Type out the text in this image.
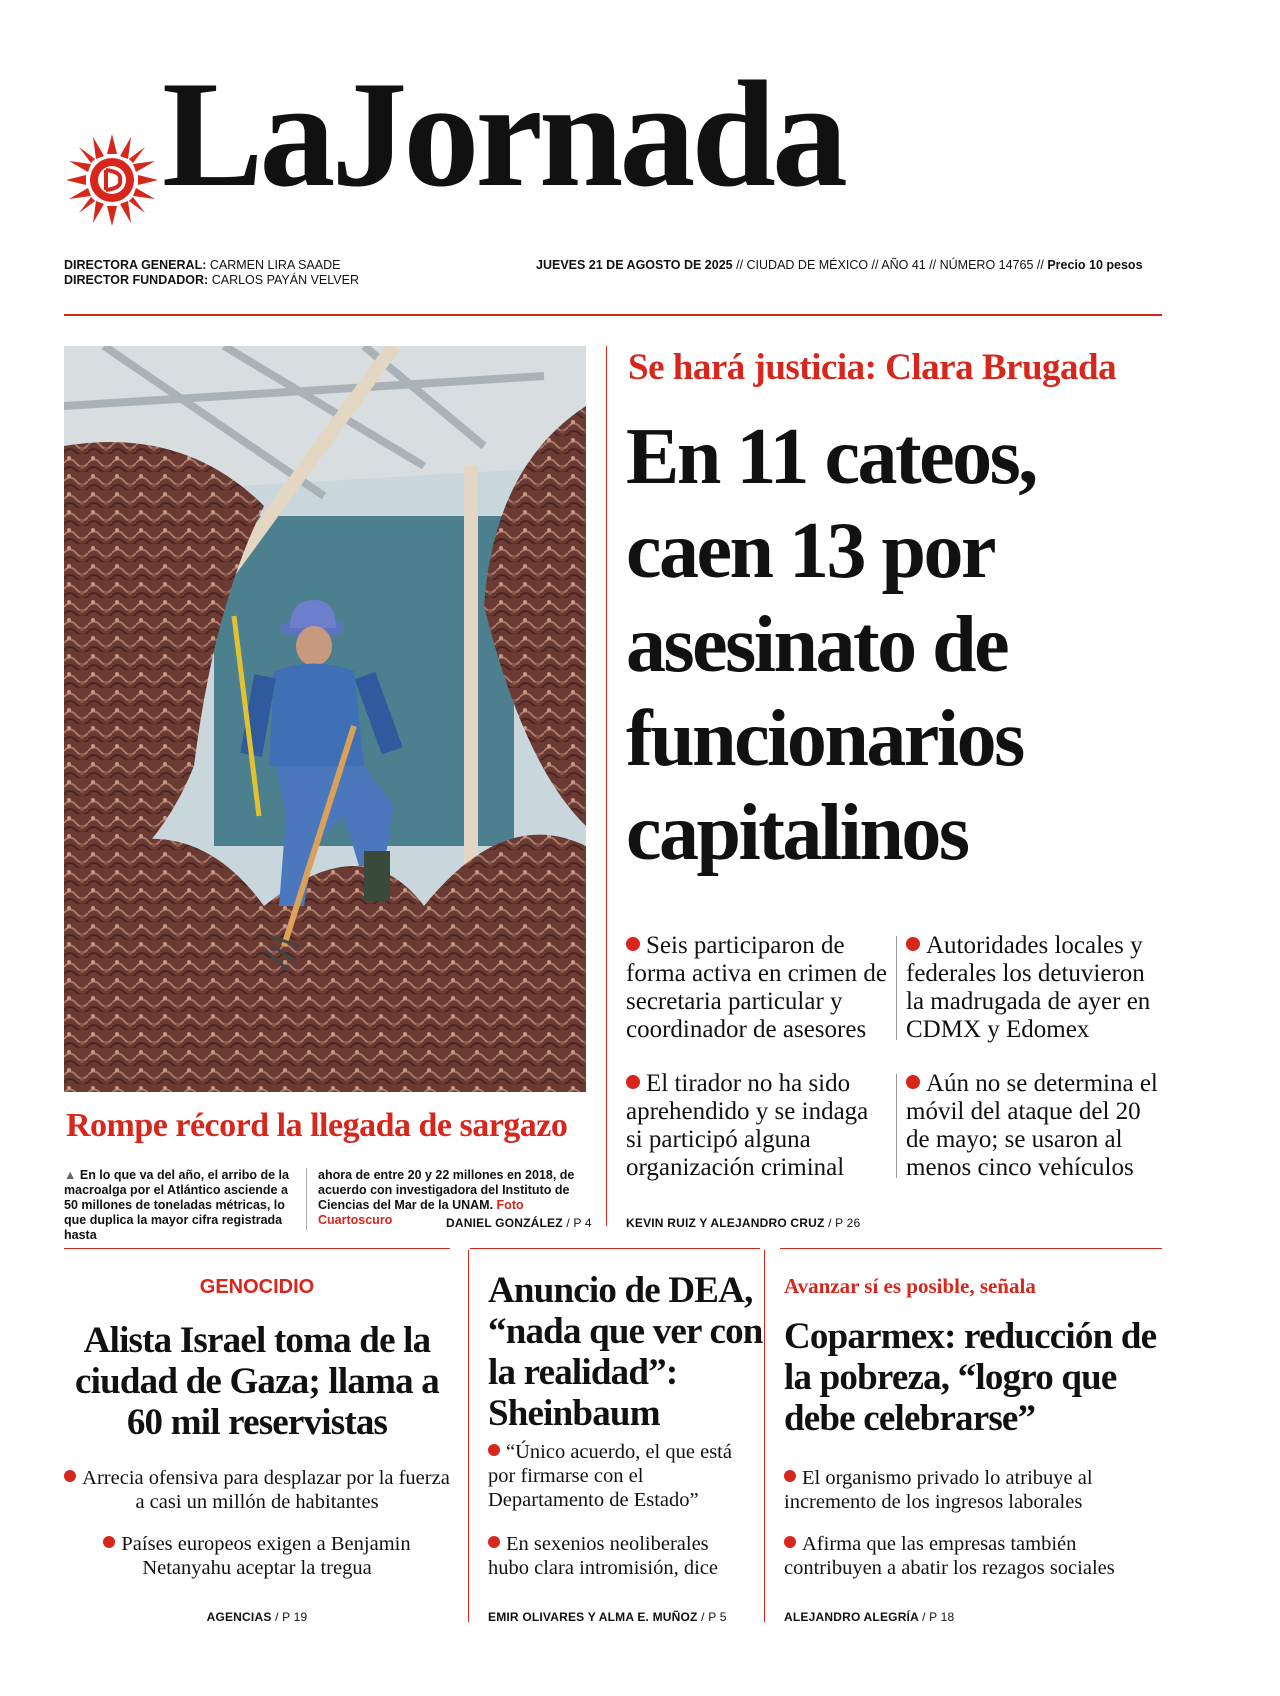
LaJornada
DIRECTORA GENERAL: CARMEN LIRA SAADE
DIRECTOR FUNDADOR: CARLOS PAYÁN VELVER
JUEVES 21 DE AGOSTO DE 2025 // CIUDAD DE MÉXICO // AÑO 41 // NÚMERO 14765 // Precio 10 pesos
Rompe récord la llegada de sargazo
▲ En lo que va del año, el arribo de la macroalga por el Atlántico asciende a 50 millones de toneladas métricas, lo que duplica la mayor cifra registrada hasta
ahora de entre 20 y 22 millones en 2018, de acuerdo con investigadora del Instituto de Ciencias del Mar de la UNAM. Foto Cuartoscuro	DANIEL GONZÁLEZ / P 4
Se hará justicia: Clara Brugada
En 11 cateos, caen 13 por asesinato de funcionarios capitalinos
Seis participaron de forma activa en crimen de secretaria particular y coordinador de asesores
Autoridades locales y federales los detuvieron la madrugada de ayer en CDMX y Edomex
El tirador no ha sido aprehendido y se indaga si participó alguna organización criminal
Aún no se determina el móvil del ataque del 20 de mayo; se usaron al menos cinco vehículos
KEVIN RUIZ Y ALEJANDRO CRUZ / P 26
GENOCIDIO
Alista Israel toma de la ciudad de Gaza; llama a 60 mil reservistas
Arrecia ofensiva para desplazar por la fuerza a casi un millón de habitantes
Países europeos exigen a Benjamin Netanyahu aceptar la tregua
AGENCIAS / P 19
Anuncio de DEA, “nada que ver con la realidad”: Sheinbaum
“Único acuerdo, el que está por firmarse con el Departamento de Estado”
En sexenios neoliberales hubo clara intromisión, dice
EMIR OLIVARES Y ALMA E. MUÑOZ / P 5
Avanzar sí es posible, señala
Coparmex: reducción de la pobreza, “logro que debe celebrarse”
El organismo privado lo atribuye al incremento de los ingresos laborales
Afirma que las empresas también contribuyen a abatir los rezagos sociales
ALEJANDRO ALEGRÍA / P 18
